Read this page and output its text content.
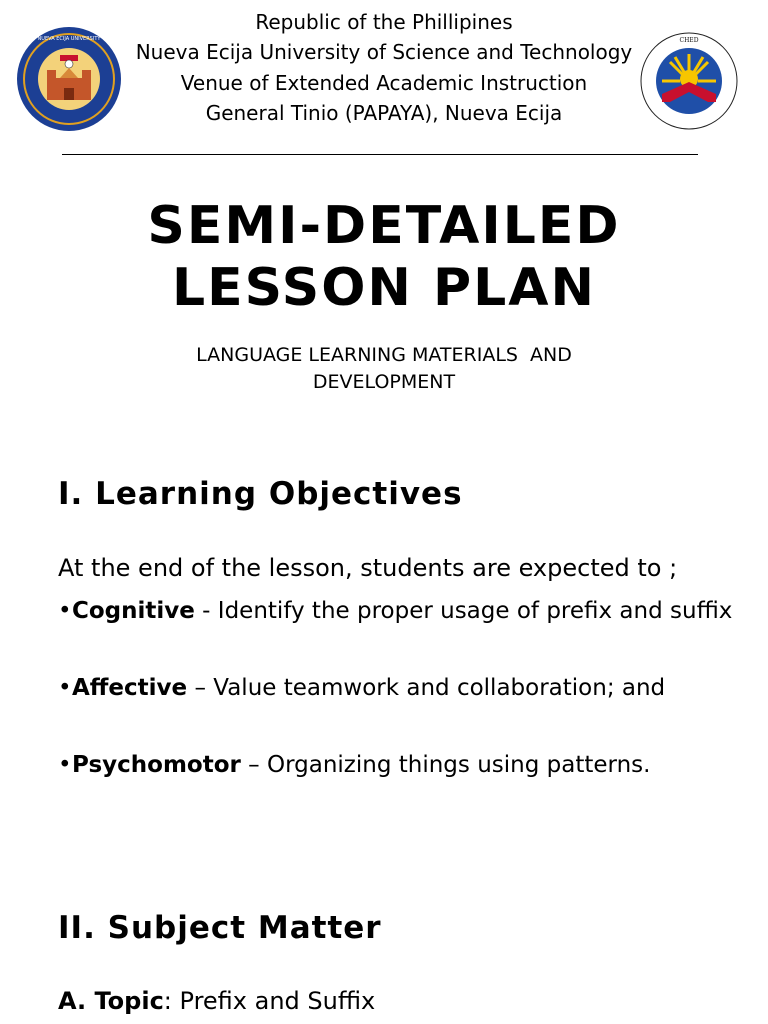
NUEVA ECIJA UNIVERSITY	CHED
Republic of the Phillipines
Nueva Ecija University of Science and Technology
Venue of Extended Academic Instruction
General Tinio (PAPAYA), Nueva Ecija
SEMI-DETAILED
LESSON PLAN
LANGUAGE LEARNING MATERIALS  AND
DEVELOPMENT
I. Learning Objectives
At the end of the lesson, students are expected to ;
• Cognitive - Identify the proper usage of prefix and suffix
• Affective – Value teamwork and collaboration; and
• Psychomotor – Organizing things using patterns.
II. Subject Matter
A. Topic: Prefix and Suffix
